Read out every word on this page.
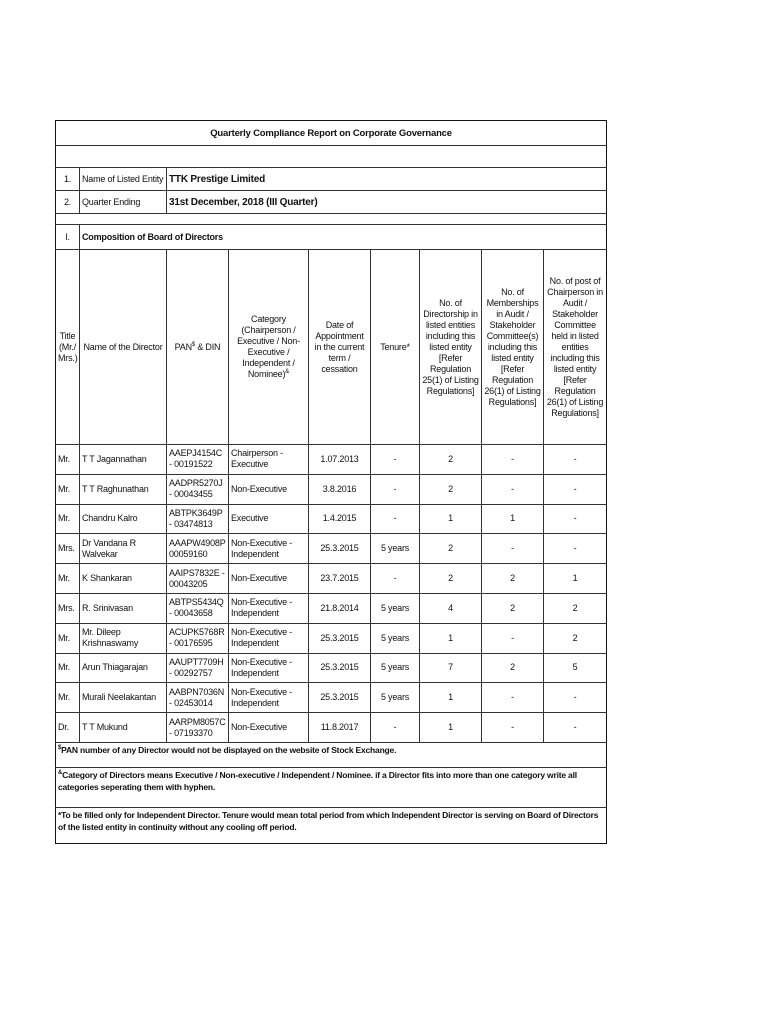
Quarterly Compliance Report on Corporate Governance								

1.	Name of Listed Entity	TTK Prestige Limited						
2.	Quarter Ending	31st December, 2018 (III Quarter)						

I.	Composition of Board of Directors							
Title (Mr./ Mrs.)	Name of the Director	PAN$ & DIN	Category (Chairperson / Executive / Non-Executive / Independent / Nominee)&	Date of Appointment in the current term / cessation	Tenure*	No. of Directorship in listed entities including this listed entity [Refer Regulation 25(1) of Listing Regulations]	No. of Memberships in Audit / Stakeholder Committee(s) including this listed entity [Refer Regulation 26(1) of Listing Regulations]	No. of post of Chairperson in Audit / Stakeholder Committee held in listed entities including this listed entity [Refer Regulation 26(1) of Listing Regulations]
Mr.	T T Jagannathan	AAEPJ4154C - 00191522	Chairperson - Executive	1.07.2013	-	2	-	-
Mr.	T T Raghunathan	AADPR5270J - 00043455	Non-Executive	3.8.2016	-	2	-	-
Mr.	Chandru Kalro	ABTPK3649P - 03474813	Executive	1.4.2015	-	1	1	-
Mrs.	Dr Vandana R Walvekar	AAAPW4908P 00059160	Non-Executive - Independent	25.3.2015	5 years	2	-	-
Mr.	K Shankaran	AAIPS7832E - 00043205	Non-Executive	23.7.2015	-	2	2	1
Mrs.	R. Srinivasan	ABTPS5434Q - 00043658	Non-Executive - Independent	21.8.2014	5 years	4	2	2
Mr.	Mr. Dileep Krishnaswamy	ACUPK5768R - 00176595	Non-Executive - Independent	25.3.2015	5 years	1	-	2
Mr.	Arun Thiagarajan	AAUPT7709H - 00292757	Non-Executive - Independent	25.3.2015	5 years	7	2	5
Mr.	Murali Neelakantan	AABPN7036N - 02453014	Non-Executive - Independent	25.3.2015	5 years	1	-	-
Dr.	T T Mukund	AARPM8057C - 07193370	Non-Executive	11.8.2017	-	1	-	-
$PAN number of any Director would not be displayed on the website of Stock Exchange.								
&Category of Directors means Executive / Non-executive / Independent / Nominee. if a Director fits into more than one category write all categories seperating them with hyphen.								
*To be filled only for Independent Director. Tenure would mean total period from which Independent Director is serving on Board of Directors of the listed entity in continuity without any cooling off period.								
